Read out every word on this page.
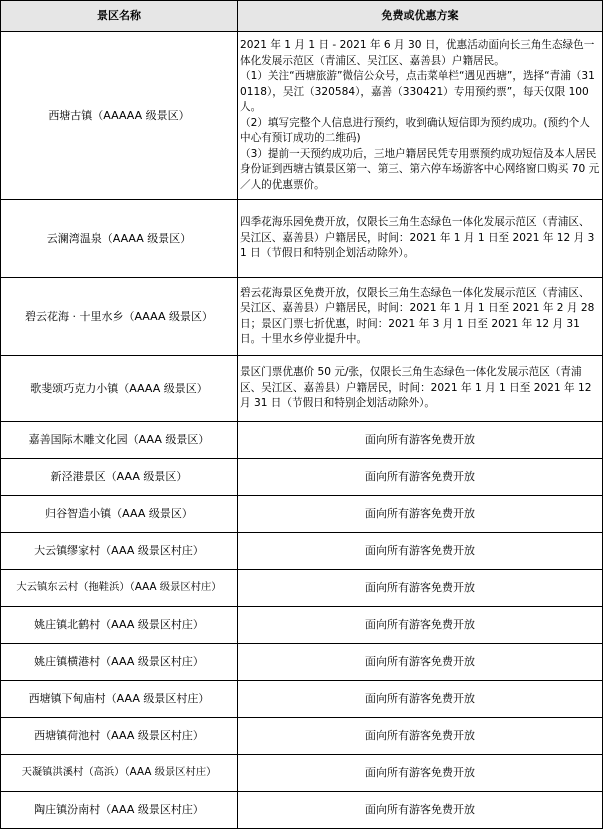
景区名称	免费或优惠方案
西塘古镇（AAAAA 级景区）	2021 年 1 月 1 日 - 2021 年 6 月 30 日，优惠活动面向长三角生态绿色一体化发展示范区（青浦区、吴江区、嘉善县）户籍居民。
（1）关注“西塘旅游”微信公众号，点击菜单栏“遇见西塘”，选择“青浦（310118），吴江（320584），嘉善（330421）专用预约票”，每天仅限 100 人。
（2）填写完整个人信息进行预约，收到确认短信即为预约成功。(预约个人中心有预订成功的二维码)
（3）提前一天预约成功后，三地户籍居民凭专用票预约成功短信及本人居民身份证到西塘古镇景区第一、第三、第六停车场游客中心网络窗口购买 70 元／人的优惠票价。
云澜湾温泉（AAAA 级景区）	四季花海乐园免费开放，仅限长三角生态绿色一体化发展示范区（青浦区、吴江区、嘉善县）户籍居民，时间：2021 年 1 月 1 日至 2021 年 12 月 31 日（节假日和特别企划活动除外）。
碧云花海 · 十里水乡（AAAA 级景区）	碧云花海景区免费开放，仅限长三角生态绿色一体化发展示范区（青浦区、吴江区、嘉善县）户籍居民，时间：2021 年 1 月 1 日至 2021 年 2 月 28 日；景区门票七折优惠，时间：2021 年 3 月 1 日至 2021 年 12 月 31 日。十里水乡停业提升中。
歌斐颂巧克力小镇（AAAA 级景区）	景区门票优惠价 50 元/张，仅限长三角生态绿色一体化发展示范区（青浦区、吴江区、嘉善县）户籍居民，时间：2021 年 1 月 1 日至 2021 年 12 月 31 日（节假日和特别企划活动除外）。
嘉善国际木雕文化园（AAA 级景区）	面向所有游客免费开放
新泾港景区（AAA 级景区）	面向所有游客免费开放
归谷智造小镇（AAA 级景区）	面向所有游客免费开放
大云镇缪家村（AAA 级景区村庄）	面向所有游客免费开放
大云镇东云村（拖鞋浜）（AAA 级景区村庄）	面向所有游客免费开放
姚庄镇北鹤村（AAA 级景区村庄）	面向所有游客免费开放
姚庄镇横港村（AAA 级景区村庄）	面向所有游客免费开放
西塘镇下甸庙村（AAA 级景区村庄）	面向所有游客免费开放
西塘镇荷池村（AAA 级景区村庄）	面向所有游客免费开放
天凝镇洪溪村（高浜）（AAA 级景区村庄）	面向所有游客免费开放
陶庄镇汾南村（AAA 级景区村庄）	面向所有游客免费开放
